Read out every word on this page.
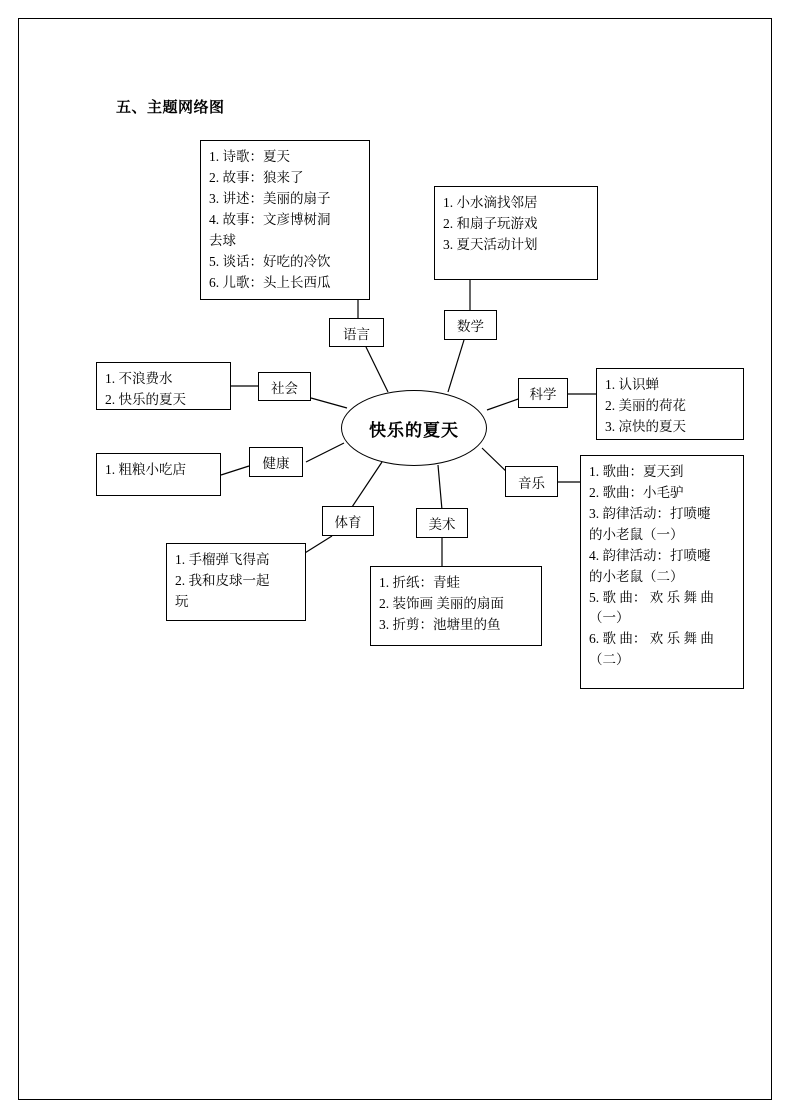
五、主题网络图
快乐的夏天
语言	数学
社会	科学
健康
音乐
体育	美术
1. 诗歌：夏天
2. 故事：狼来了
3. 讲述：美丽的扇子
4. 故事：文彦博树洞
去球
5. 谈话：好吃的冷饮
6. 儿歌：头上长西瓜
1. 小水滴找邻居
2. 和扇子玩游戏
3. 夏天活动计划
1. 不浪费水
2. 快乐的夏天
1. 认识蝉
2. 美丽的荷花
3. 凉快的夏天
1. 粗粮小吃店	1. 歌曲：夏天到
2. 歌曲：小毛驴
3. 韵律活动：打喷嚏
的小老鼠（一）
4. 韵律活动：打喷嚏
的小老鼠（二）
5. 歌 曲： 欢 乐 舞 曲
（一）
6. 歌 曲： 欢 乐 舞 曲
（二）
1. 手榴弹飞得高
2. 我和皮球一起
玩
1. 折纸：青蛙
2. 装饰画 美丽的扇面
3. 折剪：池塘里的鱼
